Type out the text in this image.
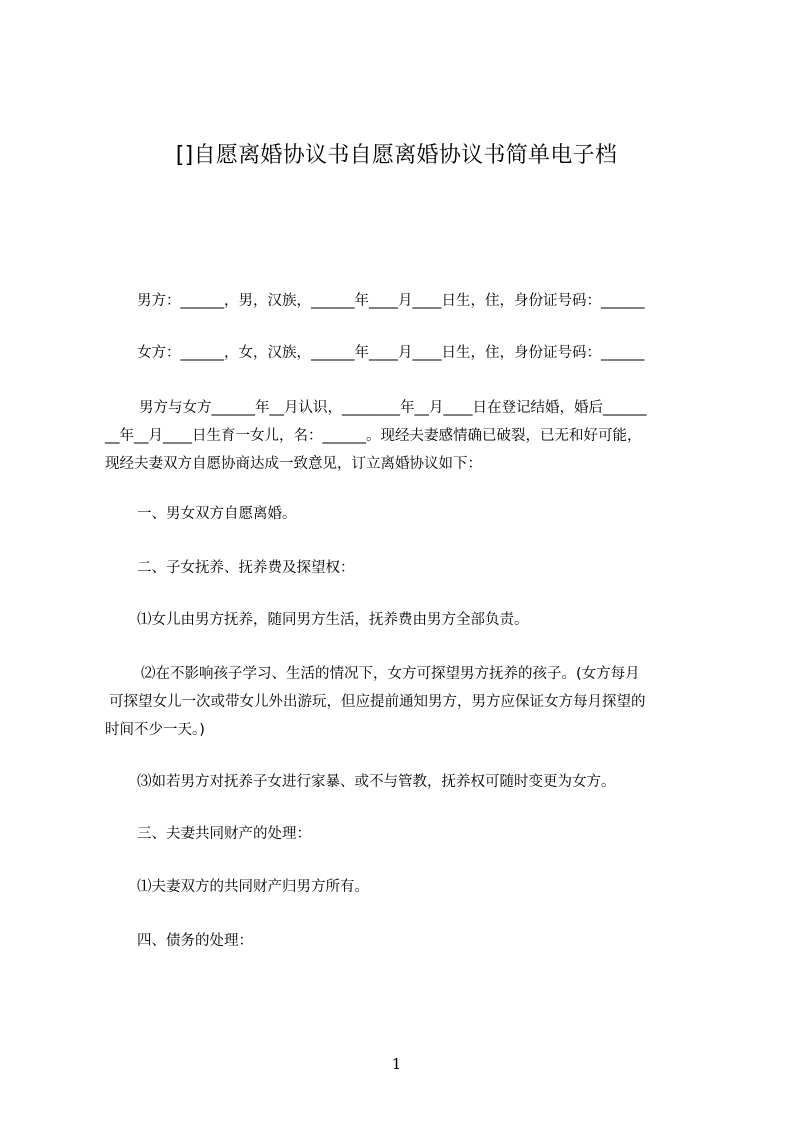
[]自愿离婚协议书自愿离婚协议书简单电子档
男方：______，男，汉族，______年____月____日生，住，身份证号码：______
女方：______，女，汉族，______年____月____日生，住，身份证号码：______
男方与女方______年__月认识，________年__月____日在登记结婚，婚后______
__年__月____日生育一女儿，名：______。现经夫妻感情确已破裂，已无和好可能，
现经夫妻双方自愿协商达成一致意见，订立离婚协议如下：
一、男女双方自愿离婚。
二、子女抚养、抚养费及探望权：
⑴女儿由男方抚养，随同男方生活，抚养费由男方全部负责。
⑵在不影响孩子学习、生活的情况下，女方可探望男方抚养的孩子。(女方每月
可探望女儿一次或带女儿外出游玩，但应提前通知男方，男方应保证女方每月探望的
时间不少一天。)
⑶如若男方对抚养子女进行家暴、或不与管教，抚养权可随时变更为女方。
三、夫妻共同财产的处理：
⑴夫妻双方的共同财产归男方所有。
四、债务的处理：
1
